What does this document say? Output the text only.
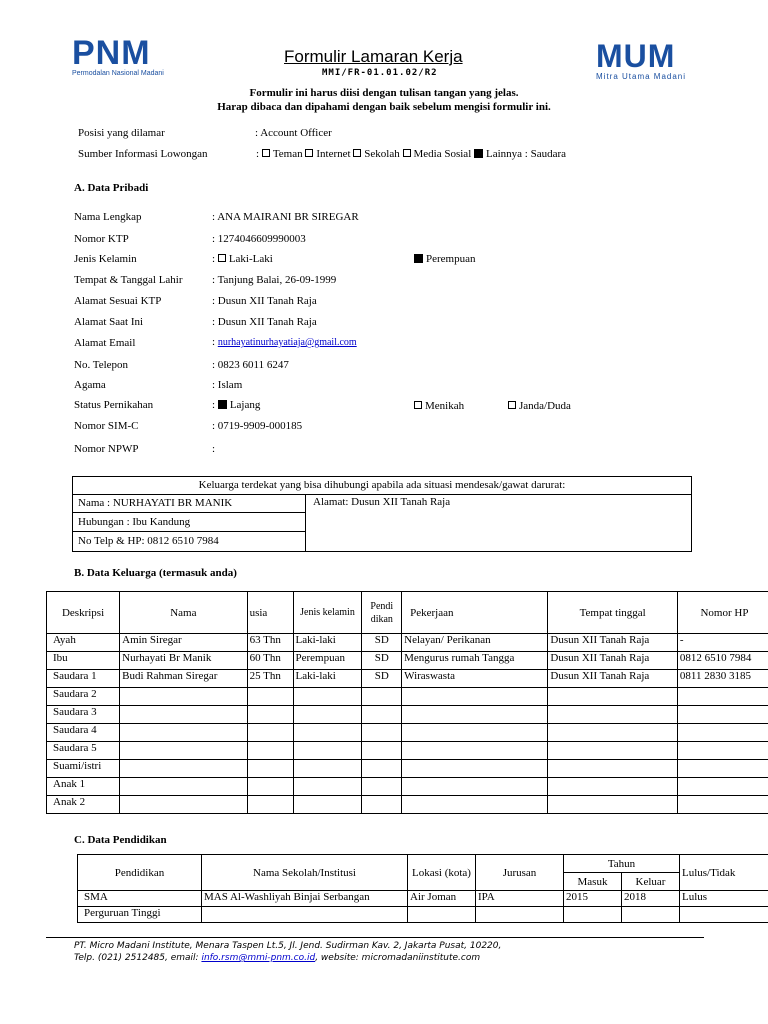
PNM
Permodalan Nasional Madani	MUM
Mitra Utama Madani
Formulir Lamaran Kerja
MMI/FR-01.01.02/R2
Formulir ini harus diisi dengan tulisan tangan yang jelas.
Harap dibaca dan dipahami dengan baik sebelum mengisi formulir ini.
Posisi yang dilamar	: Account Officer
Sumber Informasi Lowongan	: Teman Internet Sekolah Media Sosial Lainnya : Saudara
A. Data Pribadi
Nama Lengkap	: ANA MAIRANI BR SIREGAR
Nomor KTP	: 1274046609990003
Jenis Kelamin	: Laki-Laki	Perempuan
Tempat & Tanggal Lahir	: Tanjung Balai, 26-09-1999
Alamat Sesuai KTP	: Dusun XII Tanah Raja
Alamat Saat Ini	: Dusun XII Tanah Raja
Alamat Email	: nurhayatinurhayatiaja@gmail.com
No. Telepon	: 0823 6011 6247
Agama	: Islam
Status Pernikahan	: Lajang	Menikah	Janda/Duda
Nomor SIM-C	: 0719-9909-000185
Nomor NPWP	:
Keluarga terdekat yang bisa dihubungi apabila ada situasi mendesak/gawat darurat:
Nama : NURHAYATI BR MANIK
Hubungan : Ibu Kandung
No Telp & HP: 0812 6510 7984
Alamat: Dusun XII Tanah Raja
B. Data Keluarga (termasuk anda)
Deskripsi	Nama	usia	Jenis kelamin	Pendi dikan	Pekerjaan	Tempat tinggal	Nomor HP
Ayah	Amin Siregar	63 Thn	Laki-laki	SD	Nelayan/ Perikanan	Dusun XII Tanah Raja	-
Ibu	Nurhayati Br Manik	60 Thn	Perempuan	SD	Mengurus rumah Tangga	Dusun XII Tanah Raja	0812 6510 7984
Saudara 1	Budi Rahman Siregar	25 Thn	Laki-laki	SD	Wiraswasta	Dusun XII Tanah Raja	0811 2830 3185
Saudara 2							
Saudara 3							
Saudara 4							
Saudara 5							
Suami/istri							
Anak 1							
Anak 2							
C. Data Pendidikan
Pendidikan	Nama Sekolah/Institusi	Lokasi (kota)	Jurusan	Tahun		Lulus/Tidak
				Masuk	Keluar	
SMA	MAS Al-Washliyah Binjai Serbangan	Air Joman	IPA	2015	2018	Lulus
Perguruan Tinggi						
PT. Micro Madani Institute, Menara Taspen Lt.5, Jl. Jend. Sudirman Kav. 2, Jakarta Pusat, 10220,
Telp. (021) 2512485, email: info.rsm@mmi-pnm.co.id, website: micromadaniinstitute.com
